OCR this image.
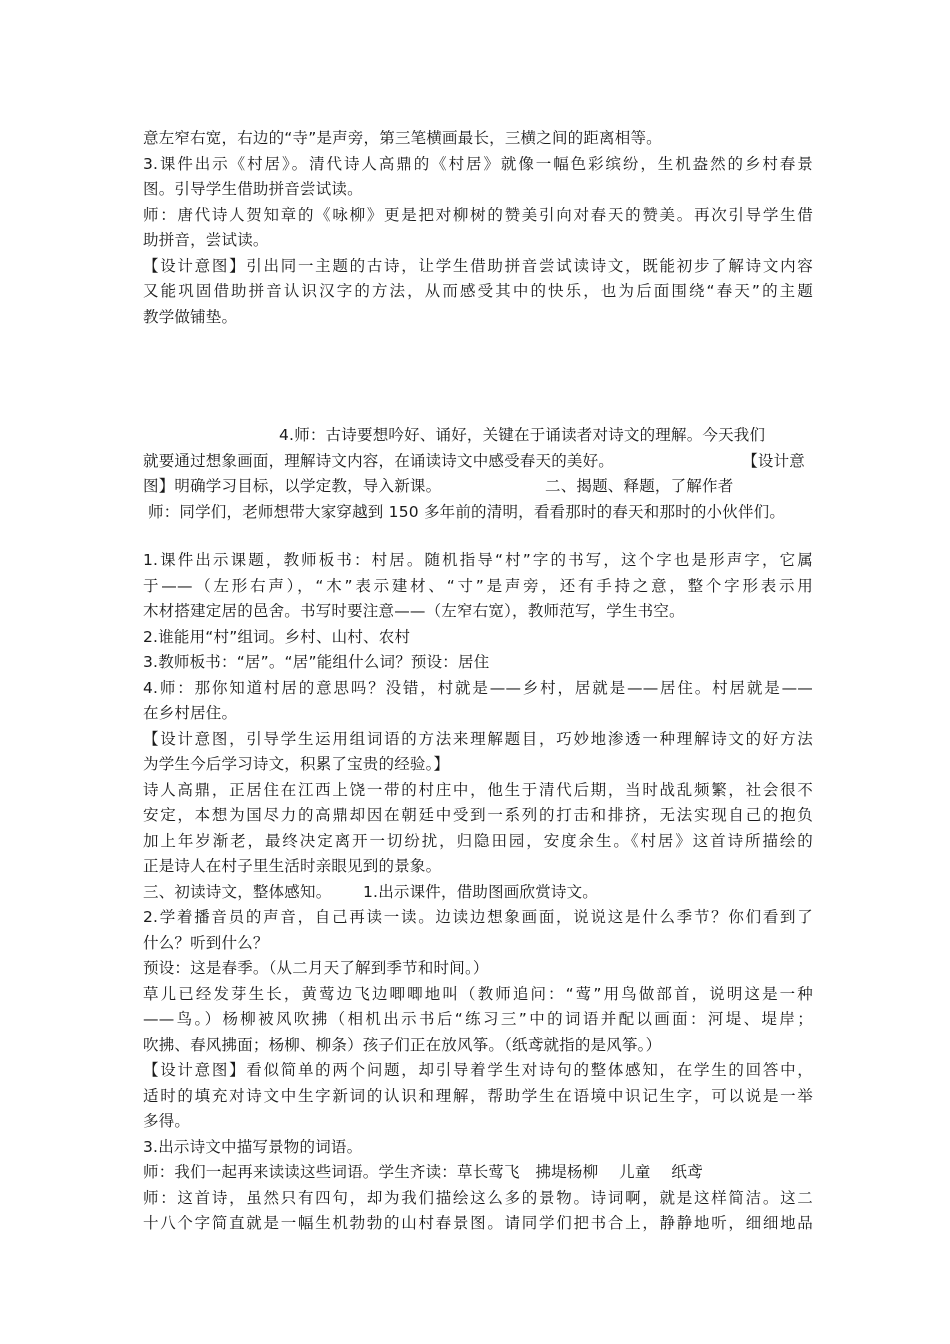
意左窄右宽，右边的“寺”是声旁，第三笔横画最长，三横之间的距离相等。
3.课件出示《村居》。清代诗人高鼎的《村居》就像一幅色彩缤纷，生机盎然的乡村春景
图。引导学生借助拼音尝试读。
师：唐代诗人贺知章的《咏柳》更是把对柳树的赞美引向对春天的赞美。再次引导学生借
助拼音，尝试读。
【设计意图】引出同一主题的古诗，让学生借助拼音尝试读诗文，既能初步了解诗文内容
又能巩固借助拼音认识汉字的方法，从而感受其中的快乐，也为后面围绕“春天”的主题
教学做铺垫。
4.师：古诗要想吟好、诵好，关键在于诵读者对诗文的理解。今天我们
就要通过想象画面，理解诗文内容，在诵读诗文中感受春天的美好。	【设计意
图】明确学习目标，以学定教，导入新课。	二、揭题、释题，了解作者
师：同学们，老师想带大家穿越到 150 多年前的清明，看看那时的春天和那时的小伙伴们。
1.课件出示课题，教师板书：村居。随机指导“村”字的书写，这个字也是形声字，它属
于——（左形右声），“木”表示建材、“寸”是声旁，还有手持之意，整个字形表示用
木材搭建定居的邑舍。书写时要注意——（左窄右宽），教师范写，学生书空。
2.谁能用“村”组词。乡村、山村、农村
3.教师板书：“居”。“居”能组什么词？预设：居住
4.师：那你知道村居的意思吗？没错，村就是——乡村，居就是——居住。村居就是——
在乡村居住。
【设计意图，引导学生运用组词语的方法来理解题目，巧妙地渗透一种理解诗文的好方法
为学生今后学习诗文，积累了宝贵的经验。】
诗人高鼎，正居住在江西上饶一带的村庄中，他生于清代后期，当时战乱频繁，社会很不
安定，本想为国尽力的高鼎却因在朝廷中受到一系列的打击和排挤，无法实现自己的抱负
加上年岁渐老，最终决定离开一切纷扰，归隐田园，安度余生。《村居》这首诗所描绘的
正是诗人在村子里生活时亲眼见到的景象。
三、初读诗文，整体感知。 1.出示课件，借助图画欣赏诗文。
2.学着播音员的声音，自己再读一读。边读边想象画面，说说这是什么季节？你们看到了
什么？听到什么？
预设：这是春季。（从二月天了解到季节和时间。）
草儿已经发芽生长，黄莺边飞边唧唧地叫（教师追问：“莺”用鸟做部首，说明这是一种
——鸟。）杨柳被风吹拂（相机出示书后“练习三”中的词语并配以画面：河堤、堤岸；
吹拂、春风拂面；杨柳、柳条）孩子们正在放风筝。（纸鸢就指的是风筝。）
【设计意图】看似简单的两个问题，却引导着学生对诗句的整体感知，在学生的回答中，
适时的填充对诗文中生字新词的认识和理解，帮助学生在语境中识记生字，可以说是一举
多得。
3.出示诗文中描写景物的词语。
师：我们一起再来读读这些词语。学生齐读：草长莺飞　拂堤杨柳　 儿童　 纸鸢
师：这首诗，虽然只有四句，却为我们描绘这么多的景物。诗词啊，就是这样简洁。这二
十八个字简直就是一幅生机勃勃的山村春景图。请同学们把书合上，静静地听，细细地品
